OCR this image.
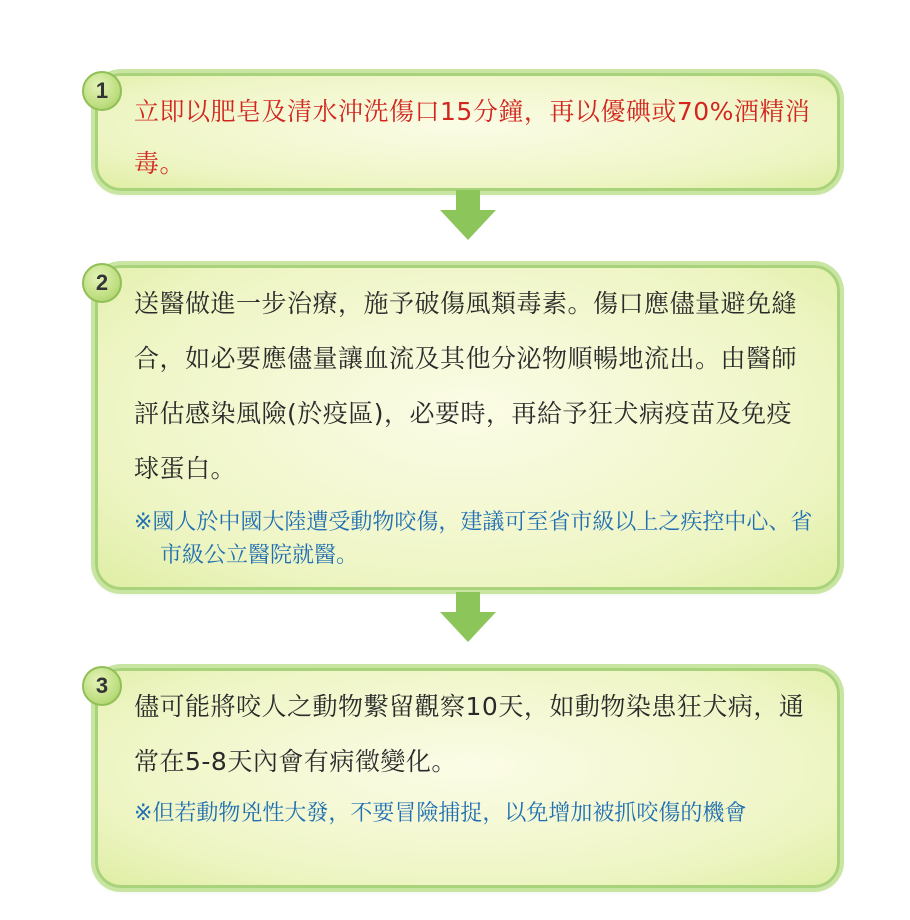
立即以肥皂及清水沖洗傷口15分鐘，再以優碘或70%酒精消毒。

1

送醫做進一步治療，施予破傷風類毒素。傷口應儘量避免縫合，如必要應儘量讓血流及其他分泌物順暢地流出。由醫師評估感染風險(於疫區)，必要時，再給予狂犬病疫苗及免疫球蛋白。

※國人於中國大陸遭受動物咬傷，建議可至省市級以上之疾控中心、省市級公立醫院就醫。

2

儘可能將咬人之動物繫留觀察10天，如動物染患狂犬病，通常在5-8天內會有病徵變化。

※但若動物兇性大發，不要冒險捕捉，以免增加被抓咬傷的機會

3
